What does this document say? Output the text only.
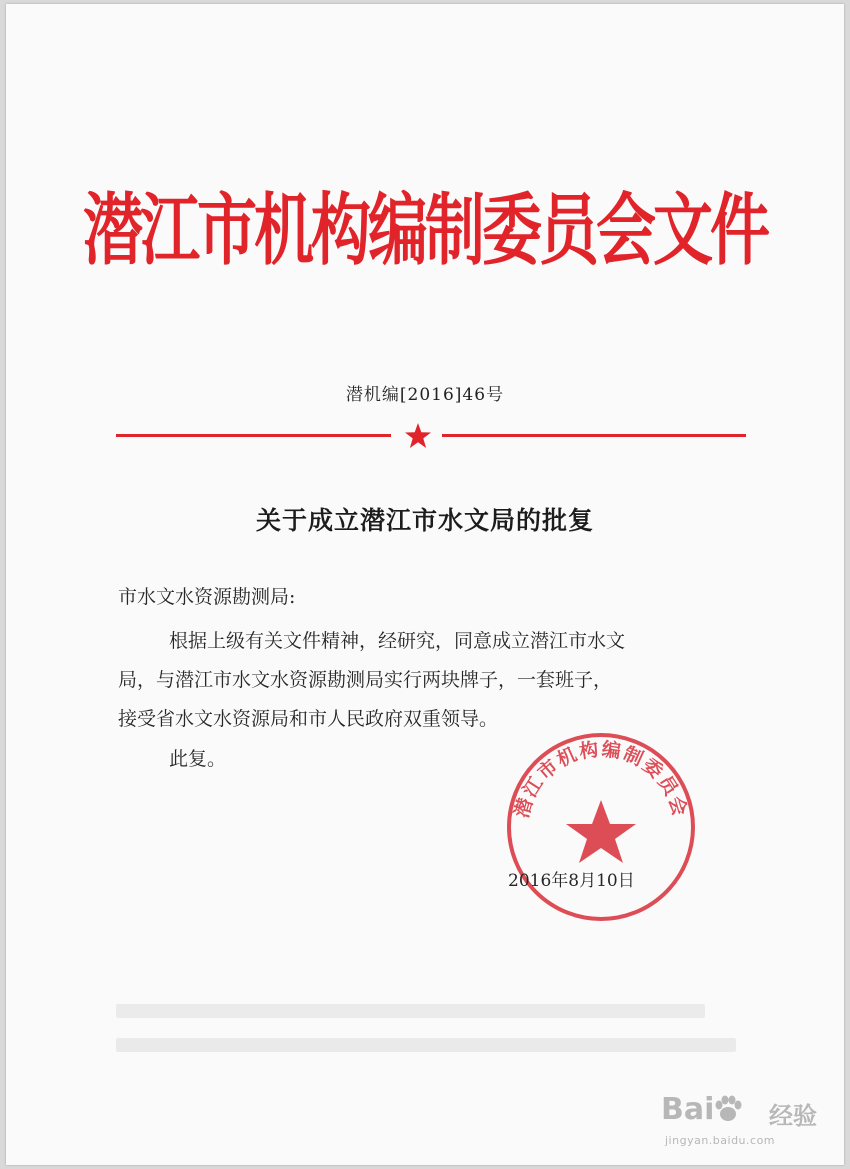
潜江市机构编制委员会文件
潜机编[2016]46号
关于成立潜江市水文局的批复
市水文水资源勘测局:
根据上级有关文件精神，经研究，同意成立潜江市水文
局，与潜江市水文水资源勘测局实行两块牌子，一套班子，
接受省水文水资源局和市人民政府双重领导。
此复。
潜江市机构编制委员会
2016年8月10日
Bai 经验
jingyan.baidu.com
